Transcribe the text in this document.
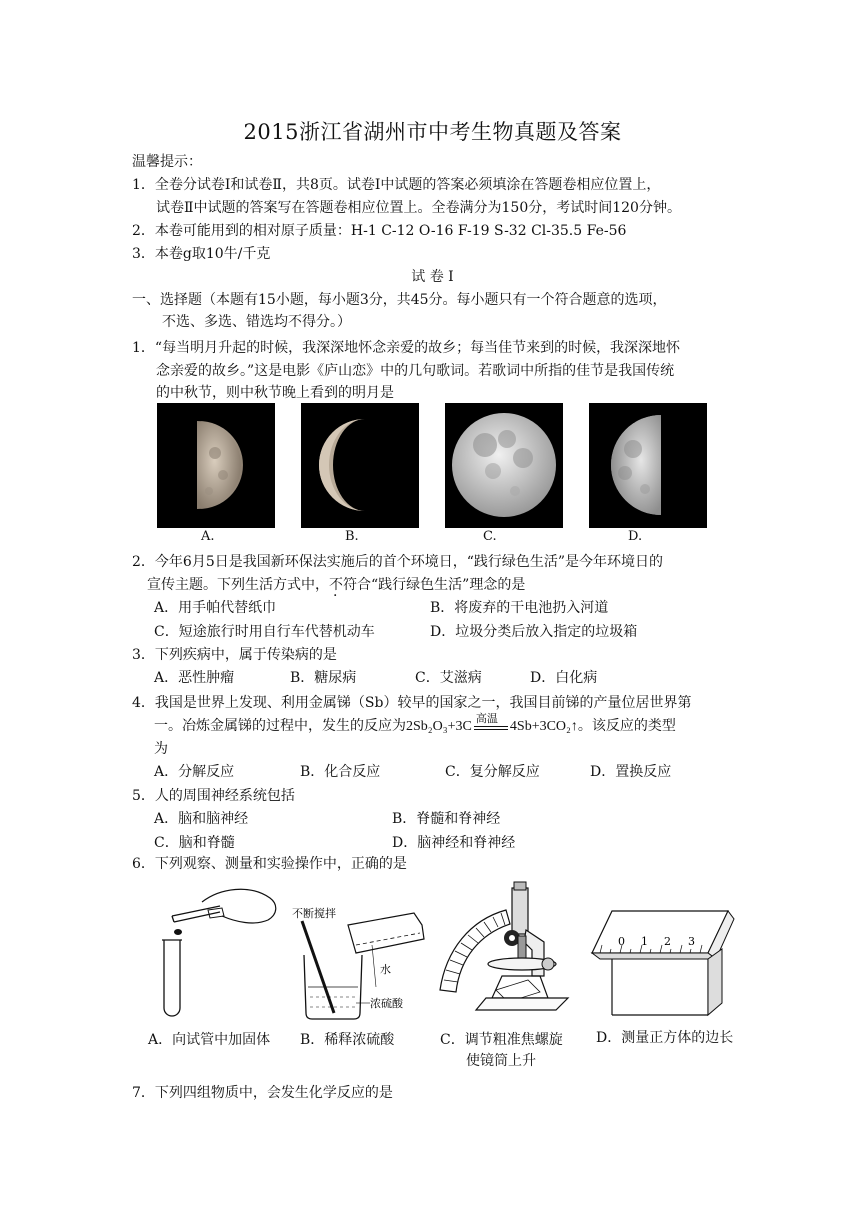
2015浙江省湖州市中考生物真题及答案
温馨提示：
1．全卷分试卷Ⅰ和试卷Ⅱ，共8页。试卷Ⅰ中试题的答案必须填涂在答题卷相应位置上，
试卷Ⅱ中试题的答案写在答题卷相应位置上。全卷满分为150分，考试时间120分钟。
2．本卷可能用到的相对原子质量：H-1 C-12 O-16 F-19 S-32 Cl-35.5 Fe-56
3．本卷g取10牛/千克
试 卷 I
一、选择题（本题有15小题，每小题3分，共45分。每小题只有一个符合题意的选项，
不选、多选、错选均不得分。）
1．“每当明月升起的时候，我深深地怀念亲爱的故乡；每当佳节来到的时候，我深深地怀
念亲爱的故乡。”这是电影《庐山恋》中的几句歌词。若歌词中所指的佳节是我国传统
的中秋节，则中秋节晚上看到的明月是
A.	B.	C.	D.
2．今年6月5日是我国新环保法实施后的首个环境日，“践行绿色生活”是今年环境日的
宣传主题。下列生活方式中，不符合“践行绿色生活”理念的是
A．用手帕代替纸巾	B．将废弃的干电池扔入河道
C．短途旅行时用自行车代替机动车	D．垃圾分类后放入指定的垃圾箱
3．下列疾病中，属于传染病的是
A．恶性肿瘤	B．糖尿病	C．艾滋病	D．白化病
4．我国是世界上发现、利用金属锑（Sb）较早的国家之一，我国目前锑的产量位居世界第
一。冶炼金属锑的过程中，发生的反应为2Sb₂O₃+3C
高温
4Sb+3CO₂↑。该反应的类型
为
A．分解反应	B．化合反应	C．复分解反应	D．置换反应
5．人的周围神经系统包括
A．脑和脑神经	B．脊髓和脊神经
C．脑和脊髓	D．脑神经和脊神经
6．下列观察、测量和实验操作中，正确的是
不断搅拌
水
浓硫酸
0 1 2 3
A．向试管中加固体 B．稀释浓硫酸	C．调节粗准焦螺旋
使镜筒上升
D．测量正方体的边长
7．下列四组物质中，会发生化学反应的是
